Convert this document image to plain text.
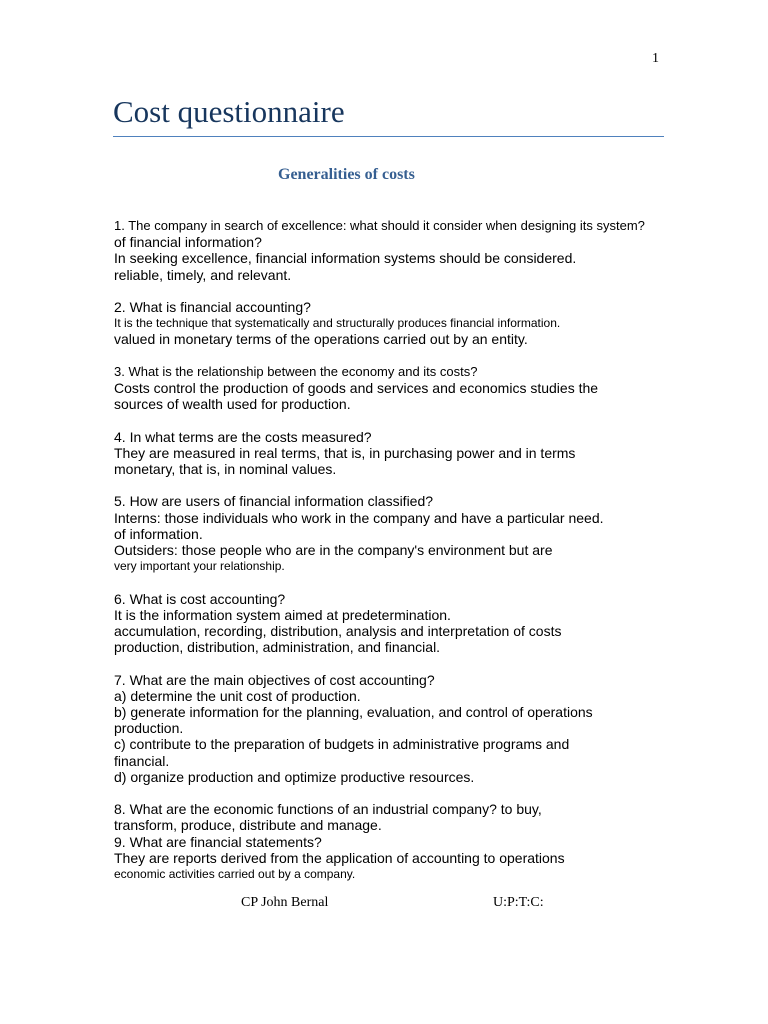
1
Cost questionnaire
Generalities of costs
1. The company in search of excellence: what should it consider when designing its system?
of financial information?
In seeking excellence, financial information systems should be considered.
reliable, timely, and relevant.
2. What is financial accounting?
It is the technique that systematically and structurally produces financial information.
valued in monetary terms of the operations carried out by an entity.
3. What is the relationship between the economy and its costs?
Costs control the production of goods and services and economics studies the
sources of wealth used for production.
4. In what terms are the costs measured?
They are measured in real terms, that is, in purchasing power and in terms
monetary, that is, in nominal values.
5. How are users of financial information classified?
Interns: those individuals who work in the company and have a particular need.
of information.
Outsiders: those people who are in the company's environment but are
very important your relationship.
6. What is cost accounting?
It is the information system aimed at predetermination.
accumulation, recording, distribution, analysis and interpretation of costs
production, distribution, administration, and financial.
7. What are the main objectives of cost accounting?
a) determine the unit cost of production.
b) generate information for the planning, evaluation, and control of operations
production.
c) contribute to the preparation of budgets in administrative programs and
financial.
d) organize production and optimize productive resources.
8. What are the economic functions of an industrial company? to buy,
transform, produce, distribute and manage.
9. What are financial statements?
They are reports derived from the application of accounting to operations
economic activities carried out by a company.
CP John Bernal	U:P:T:C:
